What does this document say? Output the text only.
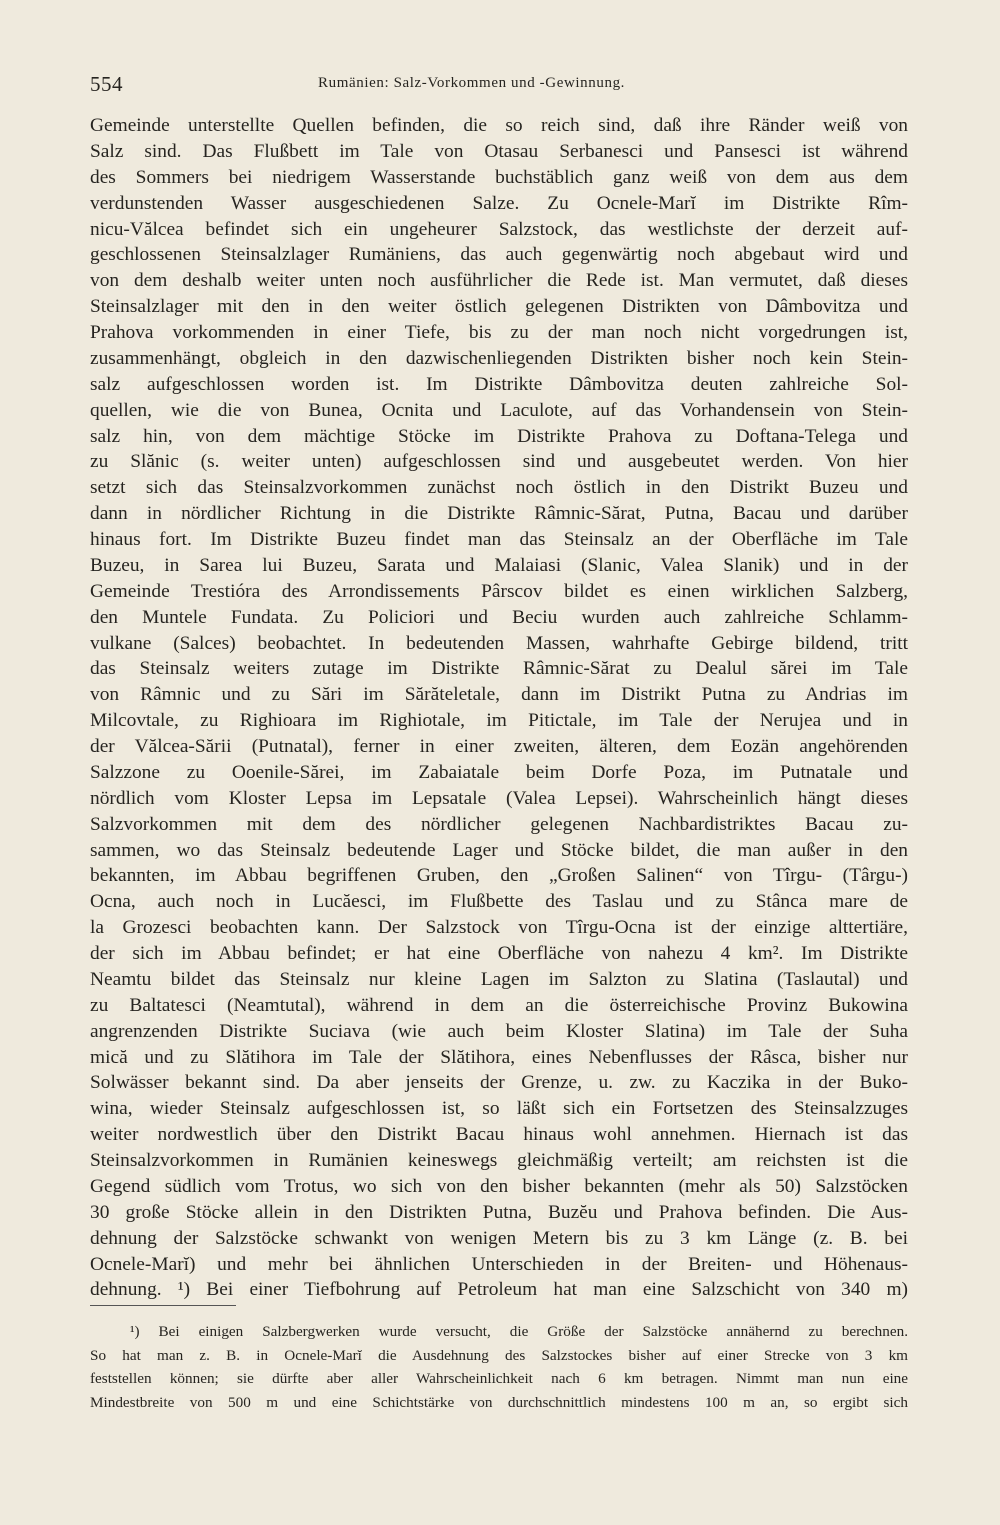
554	Rumänien: Salz-Vorkommen und -Gewinnung.
Gemeinde unterstellte Quellen befinden, die so reich sind, daß ihre Ränder weiß von
Salz sind. Das Flußbett im Tale von Otasau Serbanesci und Pansesci ist während
des Sommers bei niedrigem Wasserstande buchstäblich ganz weiß von dem aus dem
verdunstenden Wasser ausgeschiedenen Salze. Zu Ocnele-Marĭ im Distrikte Rîm-
nicu-Vălcea befindet sich ein ungeheurer Salzstock, das westlichste der derzeit auf-
geschlossenen Steinsalzlager Rumäniens, das auch gegenwärtig noch abgebaut wird und
von dem deshalb weiter unten noch ausführlicher die Rede ist. Man vermutet, daß dieses
Steinsalzlager mit den in den weiter östlich gelegenen Distrikten von Dâmbovitza und
Prahova vorkommenden in einer Tiefe, bis zu der man noch nicht vorgedrungen ist,
zusammenhängt, obgleich in den dazwischenliegenden Distrikten bisher noch kein Stein-
salz aufgeschlossen worden ist. Im Distrikte Dâmbovitza deuten zahlreiche Sol-
quellen, wie die von Bunea, Ocnita und Laculote, auf das Vorhandensein von Stein-
salz hin, von dem mächtige Stöcke im Distrikte Prahova zu Doftana-Telega und
zu Slănic (s. weiter unten) aufgeschlossen sind und ausgebeutet werden. Von hier
setzt sich das Steinsalzvorkommen zunächst noch östlich in den Distrikt Buzeu und
dann in nördlicher Richtung in die Distrikte Râmnic-Sărat, Putna, Bacau und darüber
hinaus fort. Im Distrikte Buzeu findet man das Steinsalz an der Oberfläche im Tale
Buzeu, in Sarea lui Buzeu, Sarata und Malaiasi (Slanic, Valea Slanik) und in der
Gemeinde Trestióra des Arrondissements Pârscov bildet es einen wirklichen Salzberg,
den Muntele Fundata. Zu Policiori und Beciu wurden auch zahlreiche Schlamm-
vulkane (Salces) beobachtet. In bedeutenden Massen, wahrhafte Gebirge bildend, tritt
das Steinsalz weiters zutage im Distrikte Râmnic-Sărat zu Dealul sărei im Tale
von Râmnic und zu Sări im Sărăteletale, dann im Distrikt Putna zu Andrias im
Milcovtale, zu Righioara im Righiotale, im Pitictale, im Tale der Nerujea und in
der Vălcea-Sării (Putnatal), ferner in einer zweiten, älteren, dem Eozän angehörenden
Salzzone zu Ooenile-Sărei, im Zabaiatale beim Dorfe Poza, im Putnatale und
nördlich vom Kloster Lepsa im Lepsatale (Valea Lepsei). Wahrscheinlich hängt dieses
Salzvorkommen mit dem des nördlicher gelegenen Nachbardistriktes Bacau zu-
sammen, wo das Steinsalz bedeutende Lager und Stöcke bildet, die man außer in den
bekannten, im Abbau begriffenen Gruben, den „Großen Salinen“ von Tîrgu- (Târgu-)
Ocna, auch noch in Lucăesci, im Flußbette des Taslau und zu Stânca mare de
la Grozesci beobachten kann. Der Salzstock von Tîrgu-Ocna ist der einzige alttertiäre,
der sich im Abbau befindet; er hat eine Oberfläche von nahezu 4 km². Im Distrikte
Neamtu bildet das Steinsalz nur kleine Lagen im Salzton zu Slatina (Taslautal) und
zu Baltatesci (Neamtutal), während in dem an die österreichische Provinz Bukowina
angrenzenden Distrikte Suciava (wie auch beim Kloster Slatina) im Tale der Suha
mică und zu Slătihora im Tale der Slătihora, eines Nebenflusses der Râsca, bisher nur
Solwässer bekannt sind. Da aber jenseits der Grenze, u. zw. zu Kaczika in der Buko-
wina, wieder Steinsalz aufgeschlossen ist, so läßt sich ein Fortsetzen des Steinsalzzuges
weiter nordwestlich über den Distrikt Bacau hinaus wohl annehmen. Hiernach ist das
Steinsalzvorkommen in Rumänien keineswegs gleichmäßig verteilt; am reichsten ist die
Gegend südlich vom Trotus, wo sich von den bisher bekannten (mehr als 50) Salzstöcken
30 große Stöcke allein in den Distrikten Putna, Buzĕu und Prahova befinden. Die Aus-
dehnung der Salzstöcke schwankt von wenigen Metern bis zu 3 km Länge (z. B. bei
Ocnele-Marĭ) und mehr bei ähnlichen Unterschieden in der Breiten- und Höhenaus-
dehnung. ¹) Bei einer Tiefbohrung auf Petroleum hat man eine Salzschicht von 340 m)
¹) Bei einigen Salzbergwerken wurde versucht, die Größe der Salzstöcke annähernd zu berechnen.
So hat man z. B. in Ocnele-Marĭ die Ausdehnung des Salzstockes bisher auf einer Strecke von 3 km
feststellen können; sie dürfte aber aller Wahrscheinlichkeit nach 6 km betragen. Nimmt man nun eine
Mindestbreite von 500 m und eine Schichtstärke von durchschnittlich mindestens 100 m an, so ergibt sich
